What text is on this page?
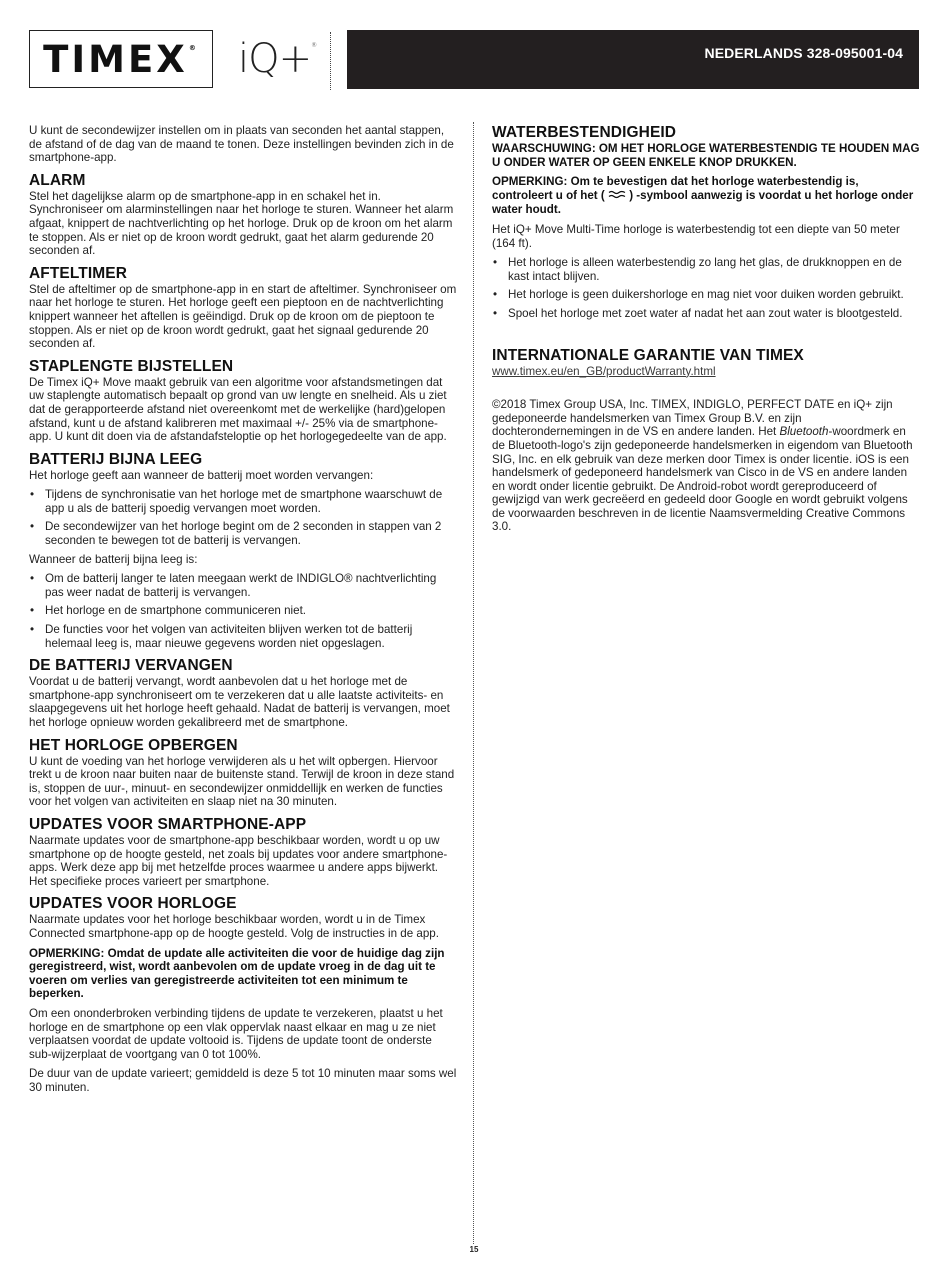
TIMEX® iQ+®	NEDERLANDS 328-095001-04

U kunt de secondewijzer instellen om in plaats van seconden het aantal stappen, de afstand of de dag van de maand te tonen. Deze instellingen bevinden zich in de smartphone-app.

ALARM

Stel het dagelijkse alarm op de smartphone-app in en schakel het in. Synchroniseer om alarminstellingen naar het horloge te sturen. Wanneer het alarm afgaat, knippert de nachtverlichting op het horloge. Druk op de kroon om het alarm te stoppen. Als er niet op de kroon wordt gedrukt, gaat het alarm gedurende 20 seconden af.

AFTELTIMER

Stel de afteltimer op de smartphone-app in en start de afteltimer. Synchroniseer om naar het horloge te sturen. Het horloge geeft een pieptoon en de nachtverlichting knippert wanneer het aftellen is geëindigd. Druk op de kroon om de pieptoon te stoppen. Als er niet op de kroon wordt gedrukt, gaat het signaal gedurende 20 seconden af.

STAPLENGTE BIJSTELLEN

De Timex iQ+ Move maakt gebruik van een algoritme voor afstandsmetingen dat uw staplengte automatisch bepaalt op grond van uw lengte en snelheid. Als u ziet dat de gerapporteerde afstand niet overeenkomt met de werkelijke (hard)gelopen afstand, kunt u de afstand kalibreren met maximaal +/- 25% via de smartphone-app. U kunt dit doen via de afstandafsteloptie op het horlogegedeelte van de app.

BATTERIJ BIJNA LEEG

Het horloge geeft aan wanneer de batterij moet worden vervangen:

• Tijdens de synchronisatie van het horloge met de smartphone waarschuwt de app u als de batterij spoedig vervangen moet worden.
• De secondewijzer van het horloge begint om de 2 seconden in stappen van 2 seconden te bewegen tot de batterij is vervangen.

Wanneer de batterij bijna leeg is:

• Om de batterij langer te laten meegaan werkt de INDIGLO® nachtverlichting pas weer nadat de batterij is vervangen.
• Het horloge en de smartphone communiceren niet.
• De functies voor het volgen van activiteiten blijven werken tot de batterij helemaal leeg is, maar nieuwe gegevens worden niet opgeslagen.
DE BATTERIJ VERVANGEN

Voordat u de batterij vervangt, wordt aanbevolen dat u het horloge met de smartphone-app synchroniseert om te verzekeren dat u alle laatste activiteits- en slaapgegevens uit het horloge heeft gehaald. Nadat de batterij is vervangen, moet het horloge opnieuw worden gekalibreerd met de smartphone.

HET HORLOGE OPBERGEN

U kunt de voeding van het horloge verwijderen als u het wilt opbergen. Hiervoor trekt u de kroon naar buiten naar de buitenste stand. Terwijl de kroon in deze stand is, stoppen de uur-, minuut- en secondewijzer onmiddellijk en werken de functies voor het volgen van activiteiten en slaap niet na 30 minuten.

UPDATES VOOR SMARTPHONE-APP

Naarmate updates voor de smartphone-app beschikbaar worden, wordt u op uw smartphone op de hoogte gesteld, net zoals bij updates voor andere smartphone-apps. Werk deze app bij met hetzelfde proces waarmee u andere apps bijwerkt. Het specifieke proces varieert per smartphone.

UPDATES VOOR HORLOGE

Naarmate updates voor het horloge beschikbaar worden, wordt u in de Timex Connected smartphone-app op de hoogte gesteld. Volg de instructies in de app.

OPMERKING: Omdat de update alle activiteiten die voor de huidige dag zijn geregistreerd, wist, wordt aanbevolen om de update vroeg in de dag uit te voeren om verlies van geregistreerde activiteiten tot een minimum te beperken.

Om een ononderbroken verbinding tijdens de update te verzekeren, plaatst u het horloge en de smartphone op een vlak oppervlak naast elkaar en mag u ze niet verplaatsen voordat de update voltooid is. Tijdens de update toont de onderste sub-wijzerplaat de voortgang van 0 tot 100%.

De duur van de update varieert; gemiddeld is deze 5 tot 10 minuten maar soms wel 30 minuten.

WATERBESTENDIGHEID

WAARSCHUWING: OM HET HORLOGE WATERBESTENDIG TE HOUDEN MAG U ONDER WATER OP GEEN ENKELE KNOP DRUKKEN.

OPMERKING: Om te bevestigen dat het horloge waterbestendig is, controleert u of het ( ) -symbool aanwezig is voordat u het horloge onder water houdt.

Het iQ+ Move Multi-Time horloge is waterbestendig tot een diepte van 50 meter (164 ft).

• Het horloge is alleen waterbestendig zo lang het glas, de drukknoppen en de kast intact blijven.
• Het horloge is geen duikershorloge en mag niet voor duiken worden gebruikt.
• Spoel het horloge met zoet water af nadat het aan zout water is blootgesteld.
INTERNATIONALE GARANTIE VAN TIMEX

www.timex.eu/en_GB/productWarranty.html

©2018 Timex Group USA, Inc. TIMEX, INDIGLO, PERFECT DATE en iQ+ zijn gedeponeerde handelsmerken van Timex Group B.V. en zijn dochterondernemingen in de VS en andere landen. Het Bluetooth-woordmerk en de Bluetooth-logo's zijn gedeponeerde handelsmerken in eigendom van Bluetooth SIG, Inc. en elk gebruik van deze merken door Timex is onder licentie. iOS is een handelsmerk of gedeponeerd handelsmerk van Cisco in de VS en andere landen en wordt onder licentie gebruikt. De Android-robot wordt gereproduceerd of gewijzigd van werk gecreëerd en gedeeld door Google en wordt gebruikt volgens de voorwaarden beschreven in de licentie Naamsvermelding Creative Commons 3.0.

15
